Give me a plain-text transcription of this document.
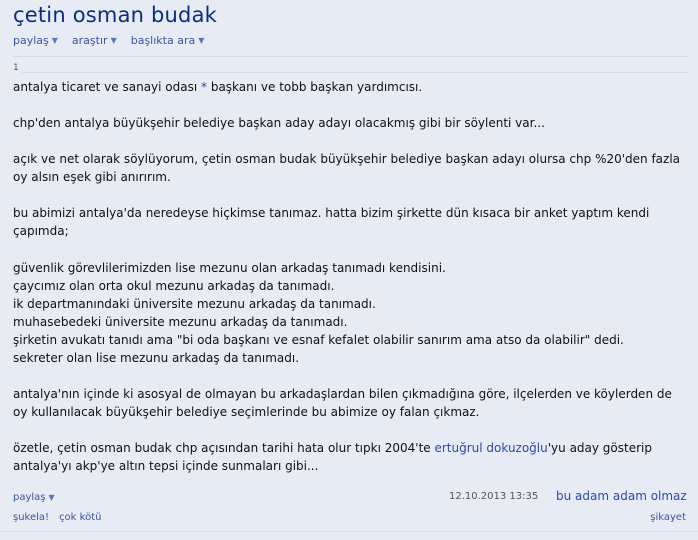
çetin osman budak
paylaş ▼ araştır ▼ başlıkta ara ▼
1

antalya ticaret ve sanayi odası * başkanı ve tobb başkan yardımcısı.

chp'den antalya büyükşehir belediye başkan aday adayı olacakmış gibi bir söylenti var...

açık ve net olarak söylüyorum, çetin osman budak büyükşehir belediye başkan adayı olursa chp %20'den fazla oy alsın eşek gibi anırırım.

bu abimizi antalya'da neredeyse hiçkimse tanımaz. hatta bizim şirkette dün kısaca bir anket yaptım kendi çapımda;

güvenlik görevlilerimizden lise mezunu olan arkadaş tanımadı kendisini.

çaycımız olan orta okul mezunu arkadaş da tanımadı.

ik departmanındaki üniversite mezunu arkadaş da tanımadı.

muhasebedeki üniversite mezunu arkadaş da tanımadı.

şirketin avukatı tanıdı ama "bi oda başkanı ve esnaf kefalet olabilir sanırım ama atso da olabilir" dedi.

sekreter olan lise mezunu arkadaş da tanımadı.

antalya'nın içinde ki asosyal de olmayan bu arkadaşlardan bilen çıkmadığına göre, ilçelerden ve köylerden de oy kullanılacak büyükşehir belediye seçimlerinde bu abimize oy falan çıkmaz.

özetle, çetin osman budak chp açısından tarihi hata olur tıpkı 2004'te ertuğrul dokuzoğlu'yu aday gösterip antalya'yı akp'ye altın tepsi içinde sunmaları gibi...

paylaş ▼	12.10.2013 13:35 bu adam adam olmaz
şukela! çok kötü	şikayet
